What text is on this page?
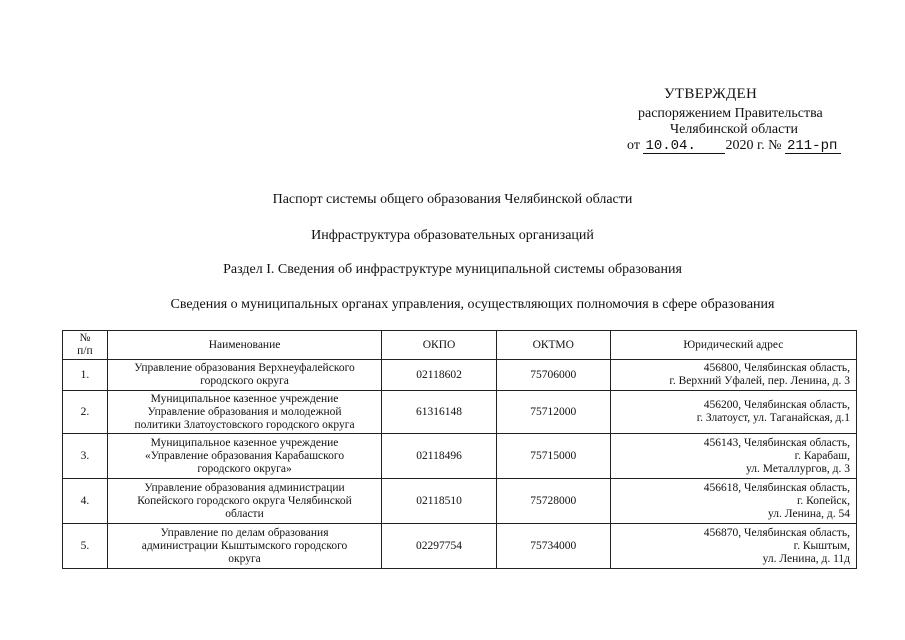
УТВЕРЖДЕН
распоряжением Правительства
Челябинской области
от 10.04. 2020 г. № 211-рп
Паспорт системы общего образования Челябинской области
Инфраструктура образовательных организаций
Раздел I. Сведения об инфраструктуре муниципальной системы образования
Сведения о муниципальных органах управления, осуществляющих полномочия в сфере образования
№
п/п	Наименование	ОКПО	ОКТМО	Юридический адрес
1.	Управление образования Верхнеуфалейского
городского округа	02118602	75706000	456800, Челябинская область,
г. Верхний Уфалей, пер. Ленина, д. 3

2.	Муниципальное казенное учреждение
Управление образования и молодежной
политики Златоустовского городского округа	61316148	75712000	456200, Челябинская область,
г. Златоуст, ул. Таганайская, д.1

3.	Муниципальное казенное учреждение
«Управление образования Карабашского
городского округа»	02118496	75715000	456143, Челябинская область,
г. Карабаш,
ул. Металлургов, д. 3

4.	Управление образования администрации
Копейского городского округа Челябинской
области	02118510	75728000	456618, Челябинская область,
г. Копейск,
ул. Ленина, д. 54

5.	Управление по делам образования
администрации Кыштымского городского
округа	02297754	75734000	456870, Челябинская область,
г. Кыштым,
ул. Ленина, д. 11д
